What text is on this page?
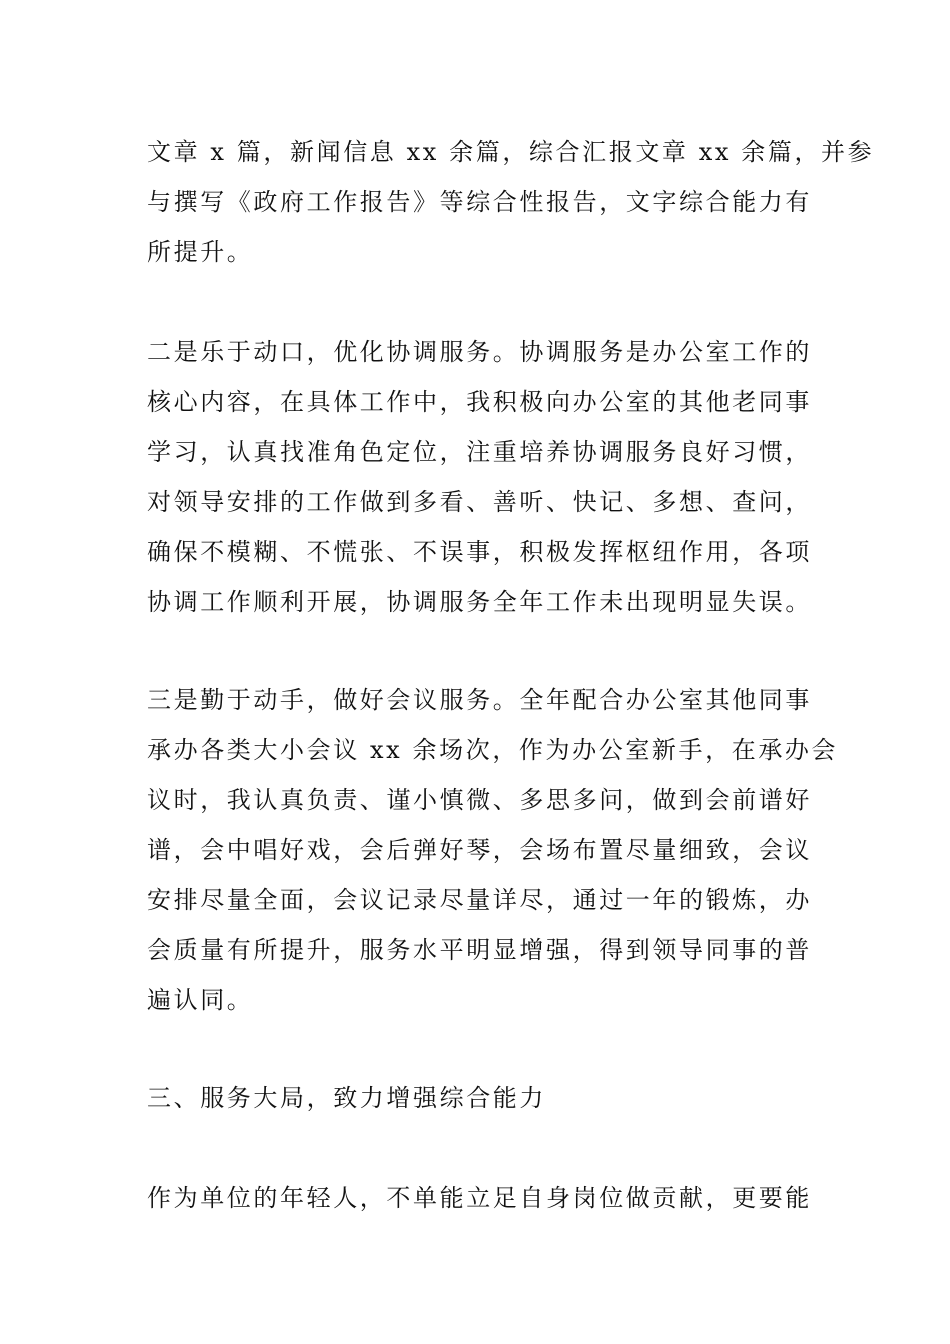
文章 x 篇，新闻信息 xx 余篇，综合汇报文章 xx 余篇，并参
与撰写《政府工作报告》等综合性报告，文字综合能力有
所提升。
二是乐于动口，优化协调服务。协调服务是办公室工作的
核心内容，在具体工作中，我积极向办公室的其他老同事
学习，认真找准角色定位，注重培养协调服务良好习惯，
对领导安排的工作做到多看、善听、快记、多想、查问，
确保不模糊、不慌张、不误事，积极发挥枢纽作用，各项
协调工作顺利开展，协调服务全年工作未出现明显失误。
三是勤于动手，做好会议服务。全年配合办公室其他同事
承办各类大小会议 xx 余场次，作为办公室新手，在承办会
议时，我认真负责、谨小慎微、多思多问，做到会前谱好
谱，会中唱好戏，会后弹好琴，会场布置尽量细致，会议
安排尽量全面，会议记录尽量详尽，通过一年的锻炼，办
会质量有所提升，服务水平明显增强，得到领导同事的普
遍认同。
三、服务大局，致力增强综合能力
作为单位的年轻人，不单能立足自身岗位做贡献，更要能
